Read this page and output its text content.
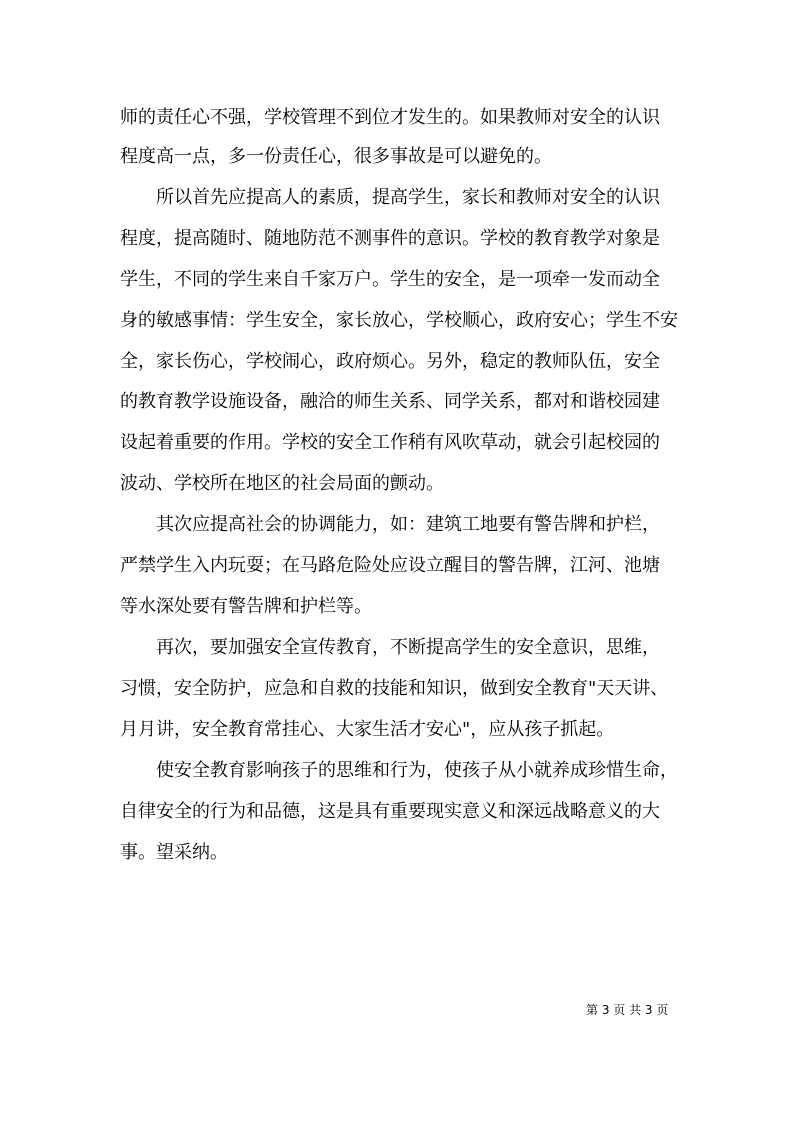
师的责任心不强，学校管理不到位才发生的。如果教师对安全的认识
程度高一点，多一份责任心，很多事故是可以避免的。
所以首先应提高人的素质，提高学生，家长和教师对安全的认识
程度，提高随时、随地防范不测事件的意识。学校的教育教学对象是
学生，不同的学生来自千家万户。学生的安全，是一项牵一发而动全
身的敏感事情：学生安全，家长放心，学校顺心，政府安心；学生不安
全，家长伤心，学校闹心，政府烦心。另外，稳定的教师队伍，安全
的教育教学设施设备，融洽的师生关系、同学关系，都对和谐校园建
设起着重要的作用。学校的安全工作稍有风吹草动，就会引起校园的
波动、学校所在地区的社会局面的颤动。
其次应提高社会的协调能力，如：建筑工地要有警告牌和护栏，
严禁学生入内玩耍；在马路危险处应设立醒目的警告牌，江河、池塘
等水深处要有警告牌和护栏等。
再次，要加强安全宣传教育，不断提高学生的安全意识，思维，
习惯，安全防护，应急和自救的技能和知识，做到安全教育"天天讲、
月月讲，安全教育常挂心、大家生活才安心"，应从孩子抓起。
使安全教育影响孩子的思维和行为，使孩子从小就养成珍惜生命，
自律安全的行为和品德，这是具有重要现实意义和深远战略意义的大
事。望采纳。
第 3 页 共 3 页
